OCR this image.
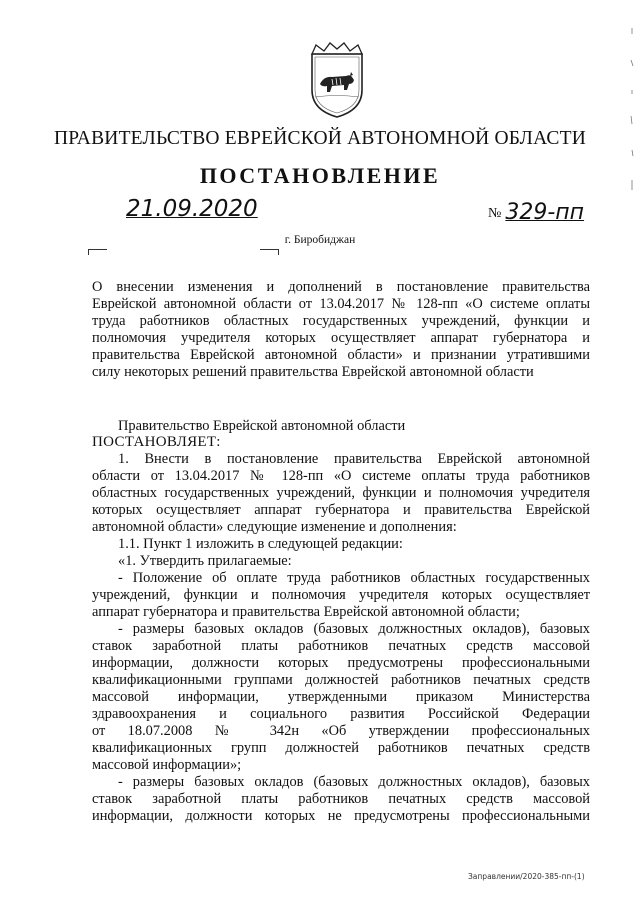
ПРАВИТЕЛЬСТВО ЕВРЕЙСКОЙ АВТОНОМНОЙ ОБЛАСТИ
ПОСТАНОВЛЕНИЕ
21.09.2020	№ 329-пп
г. Биробиджан
О внесении изменения и дополнений в постановление правительства
Еврейской автономной области от 13.04.2017 № 128-пп «О системе оплаты
труда работников областных государственных учреждений, функции и
полномочия учредителя которых осуществляет аппарат губернатора и
правительства Еврейской автономной области» и признании утратившими
силу некоторых решений правительства Еврейской автономной области
Правительство Еврейской автономной области
ПОСТАНОВЛЯЕТ:
1. Внести в постановление правительства Еврейской автономной
области от 13.04.2017 № 128-пп «О системе оплаты труда работников
областных государственных учреждений, функции и полномочия учредителя
которых осуществляет аппарат губернатора и правительства Еврейской
автономной области» следующие изменение и дополнения:
1.1. Пункт 1 изложить в следующей редакции:
«1. Утвердить прилагаемые:
- Положение об оплате труда работников областных государственных
учреждений, функции и полномочия учредителя которых осуществляет
аппарат губернатора и правительства Еврейской автономной области;
- размеры базовых окладов (базовых должностных окладов), базовых
ставок заработной платы работников печатных средств массовой
информации, должности которых предусмотрены профессиональными
квалификационными группами должностей работников печатных средств
массовой информации, утвержденными приказом Министерства
здравоохранения и социального развития Российской Федерации
от 18.07.2008 № 342н «Об утверждении профессиональных
квалификационных групп должностей работников печатных средств
массовой информации»;
- размеры базовых окладов (базовых должностных окладов), базовых
ставок заработной платы работников печатных средств массовой
информации, должности которых не предусмотрены профессиональными
Заправлении/2020-385-пп-(1)
